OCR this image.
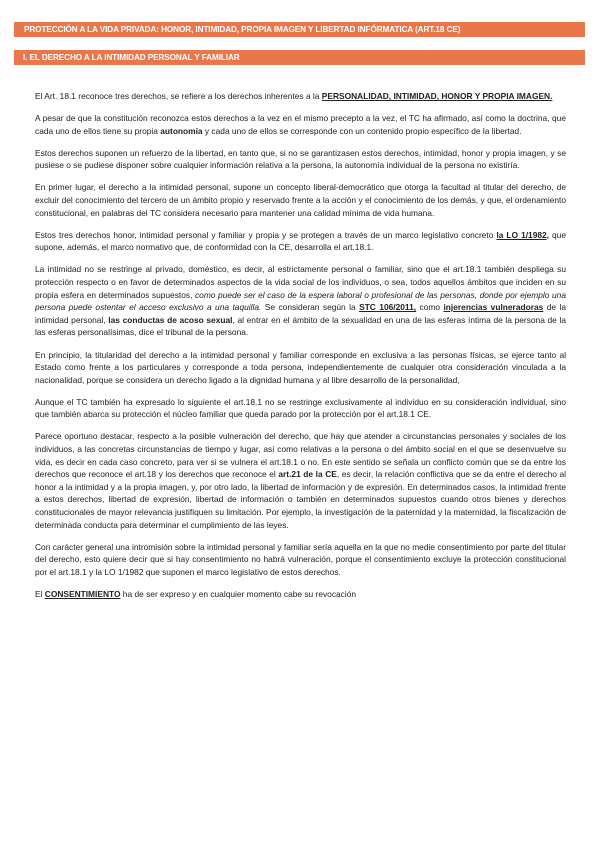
PROTECCIÓN A LA VIDA PRIVADA: HONOR, INTIMIDAD, PROPIA IMAGEN Y LIBERTAD INFÓRMATICA (ART.18 CE)
I. EL DERECHO A LA INTIMIDAD PERSONAL Y FAMILIAR

El Art. 18.1 reconoce tres derechos, se refiere a los derechos inherentes a la PERSONALIDAD, INTIMIDAD, HONOR Y PROPIA IMAGEN.

A pesar de que la constitución reconozca estos derechos a la vez en el mismo precepto a la vez, el TC ha afirmado, así como la doctrina, que cada uno de ellos tiene su propia autonomía y cada uno de ellos se corresponde con un contenido propio específico de la libertad.

Estos derechos suponen un refuerzo de la libertad, en tanto que, si no se garantizasen estos derechos, intimidad, honor y propia imagen, y se pusiese o se pudiese disponer sobre cualquier información relativa a la persona, la autonomía individual de la persona no existiría.

En primer lugar, el derecho a la intimidad personal, supone un concepto liberal-democrático que otorga la facultad al titular del derecho, de excluir del conocimiento del tercero de un ámbito propio y reservado frente a la acción y el conocimiento de los demás, y que, el ordenamiento constitucional, en palabras del TC considera necesario para mantener una calidad mínima de vida humana.

Estos tres derechos honor, intimidad personal y familiar y propia y se protegen a través de un marco legislativo concreto la LO 1/1982, que supone, además, el marco normativo que, de conformidad con la CE, desarrolla el art.18.1.

La intimidad no se restringe al privado, doméstico, es decir, al estrictamente personal o familiar, sino que el art.18.1 también despliega su protección respecto o en favor de determinados aspectos de la vida social de los individuos, o sea, todos aquellos ámbitos que inciden en su propia esfera en determinados supuestos, como puede ser el caso de la espera laboral o profesional de las personas, donde por ejemplo una persona puede ostentar el acceso exclusivo a una taquilla. Se consideran según la STC 106/2011, como injerencias vulneradoras de la intimidad personal, las conductas de acoso sexual, al entrar en el ámbito de la sexualidad en una de las esferas íntima de la persona de la las esferas personalísimas, dice el tribunal de la persona.

En principio, la titularidad del derecho a la intimidad personal y familiar corresponde en exclusiva a las personas físicas, se ejerce tanto al Estado como frente a los particulares y corresponde a toda persona, independientemente de cualquier otra consideración vinculada a la nacionalidad, porque se considera un derecho ligado a la dignidad humana y al libre desarrollo de la personalidad,

Aunque el TC también ha expresado lo siguiente el art.18.1 no se restringe exclusivamente al individuo en su consideración individual, sino que también abarca su protección el núcleo familiar que queda parado por la protección por el art.18.1 CE.

Parece oportuno destacar, respecto a la posible vulneración del derecho, que hay que atender a circunstancias personales y sociales de los individuos, a las concretas circunstancias de tiempo y lugar, así como relativas a la persona o del ámbito social en el que se desenvuelve su vida, es decir en cada caso concreto, para ver si se vulnera el art.18.1 o no. En este sentido se señala un conflicto común que se da entre los derechos que reconoce el art.18 y los derechos que reconoce el art.21 de la CE, es decir, la relación conflictiva que se da entre el derecho al honor a la intimidad y a la propia imagen, y, por otro lado, la libertad de información y de expresión. En determinados casos, la intimidad frente a estos derechos, libertad de expresión, libertad de información o también en determinados supuestos cuando otros bienes y derechos constitucionales de mayor relevancia justifiquen su limitación. Por ejemplo, la investigación de la paternidad y la maternidad, la fiscalización de determinada conducta para determinar el cumplimiento de las leyes.

Con carácter general una intromisión sobre la intimidad personal y familiar sería aquella en la que no medie consentimiento por parte del titular del derecho, esto quiere decir que si hay consentimiento no habrá vulneración, porque el consentimiento excluye la protección constitucional por el art.18.1 y la LO 1/1982 que suponen el marco legislativo de estos derechos.

El CONSENTIMIENTO ha de ser expreso y en cualquier momento cabe su revocación
